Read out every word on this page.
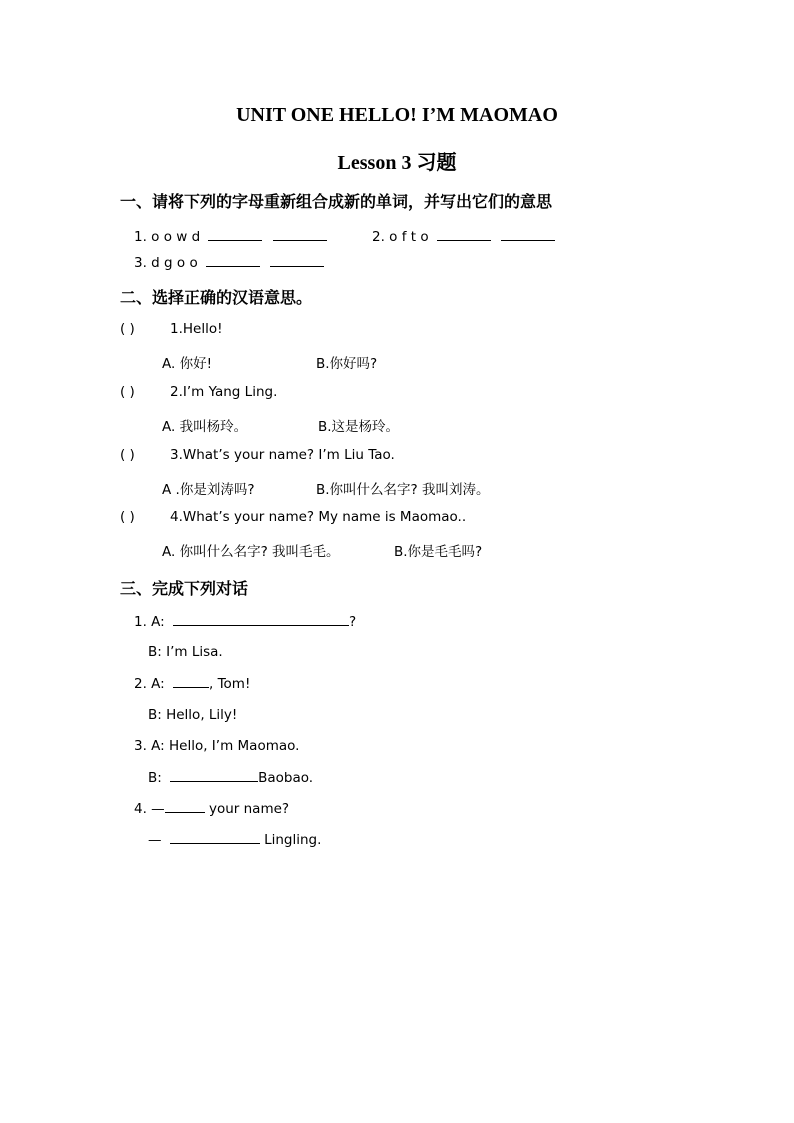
UNIT ONE HELLO! I’M MAOMAO
Lesson 3 习题
一、请将下列的字母重新组合成新的单词，并写出它们的意思
1. o o w d	2. o f t o
3. d g o o
二、选择正确的汉语意思。
( )	1.Hello!
A. 你好!	B.你好吗?
( )	2.I’m Yang Ling.
A. 我叫杨玲。	B.这是杨玲。
( )	3.What’s your name? I’m Liu Tao.
A .你是刘涛吗?	B.你叫什么名字? 我叫刘涛。
( )	4.What’s your name? My name is Maomao..
A. 你叫什么名字? 我叫毛毛。	B.你是毛毛吗?
三、完成下列对话
1. A:	?
B: I’m Lisa.
2. A:	, Tom!
B: Hello, Lily!
3. A: Hello, I’m Maomao.
B:	Baobao.
4. —	your name?
—	Lingling.
